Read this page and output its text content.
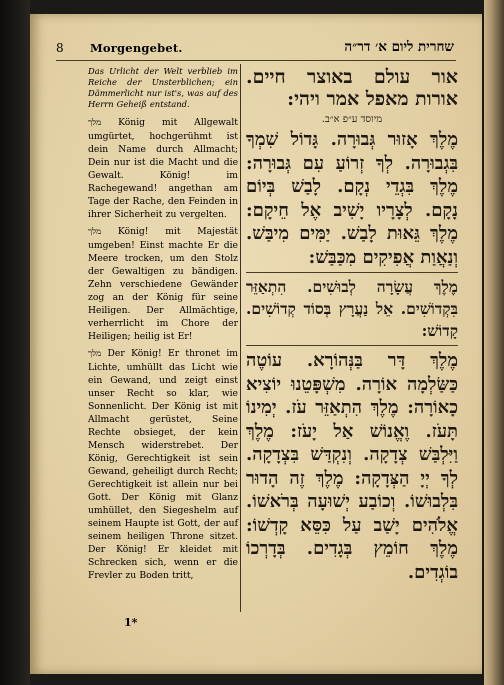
8 Morgengebet.	שחרית ליום א׳ דר״ה

Das Urlicht der Welt verblieb im Reiche der Unsterblichen; ein Dämmerlicht nur ist's, was auf des Herrn Geheiß entstand.

מלך König mit Allgewalt umgürtet, hochgerühmt ist dein Name durch Allmacht; Dein nur ist die Macht und die Gewalt. König! im Rachegewand! angethan am Tage der Rache, den Feinden in ihrer Sicherheit zu vergelten.

מלך König! mit Majestät umgeben! Einst machte Er die Meere trocken, um den Stolz der Gewaltigen zu bändigen. Zehn verschiedene Gewänder zog an der König für seine Heiligen. Der Allmächtige, verherrlicht im Chore der Heiligen; heilig ist Er!

מלך Der König! Er thronet im Lichte, umhüllt das Licht wie ein Gewand, und zeigt einst unser Recht so klar, wie Sonnenlicht. Der König ist mit Allmacht gerüstet, Seine Rechte obsieget, der kein Mensch widerstrebet. Der König, Gerechtigkeit ist sein Gewand, geheiligt durch Recht; Gerechtigkeit ist allein nur bei Gott. Der König mit Glanz umhüllet, den Siegeshelm auf seinem Haupte ist Gott, der auf seinem heiligen Throne sitzet. Der König! Er kleidet mit Schrecken sich, wenn er die Frevler zu Boden tritt,

אור עולם באוצר חיים. אורות מאפל אמר ויהי:

מיוסד ע״פ א״ב.

מֶלֶךְ אָזוּר גְּבוּרָה. גָּדוֹל שִׁמְךָ בִּגְבוּרָה. לְךָ זְרוֹעַ עִם גְּבוּרָה: מֶלֶךְ בִּגְדֵי נְקָם. לָבַשׁ בְּיוֹם נָקָם. לְצָרָיו יָשִׁיב אֶל חֵיקָם: מֶלֶךְ גֵּאוּת לָבַשׁ. יַמִּים מִיבַּשׁ. וְנַאֲוַת אֲפִיקִים מִכַּבַּשׁ:

מֶלֶךְ עֲשָׂרָה לְבוּשִׁים. הִתְאַזֵּר בִּקְדוֹשִׁים. אֵל נַעֲרָץ בְּסוֹד קְדוֹשִׁים. קָדוֹשׁ:

מֶלֶךְ דָּר בַּנְּהוֹרָא. עוֹטֶה כַּשַּׂלְמָה אוֹרָה. מִשְׁפָּטֵנוּ יוֹצִיא כָאוֹרָה: מֶלֶךְ הִתְאַזֵּר עֹז. יְמִינוֹ תָּעֹז. וֶאֱנוֹשׁ אַל יָעֹז: מֶלֶךְ וַיִּלְבַּשׁ צְדָקָה. וְנִקְדַּשׁ בִּצְדָקָה. לְךָ יְיָ הַצְּדָקָה: מֶלֶךְ זֶה הָדוּר בִּלְבוּשׁוֹ. וְכוֹבַע יְשׁוּעָה בְּרֹאשׁוֹ. אֱלֹהִים יָשַׁב עַל כִּסֵּא קָדְשׁוֹ: מֶלֶךְ חוֹמֵץ בְּגָדִים. בְּדָרְכוֹ בוֹגְדִים.

1*
